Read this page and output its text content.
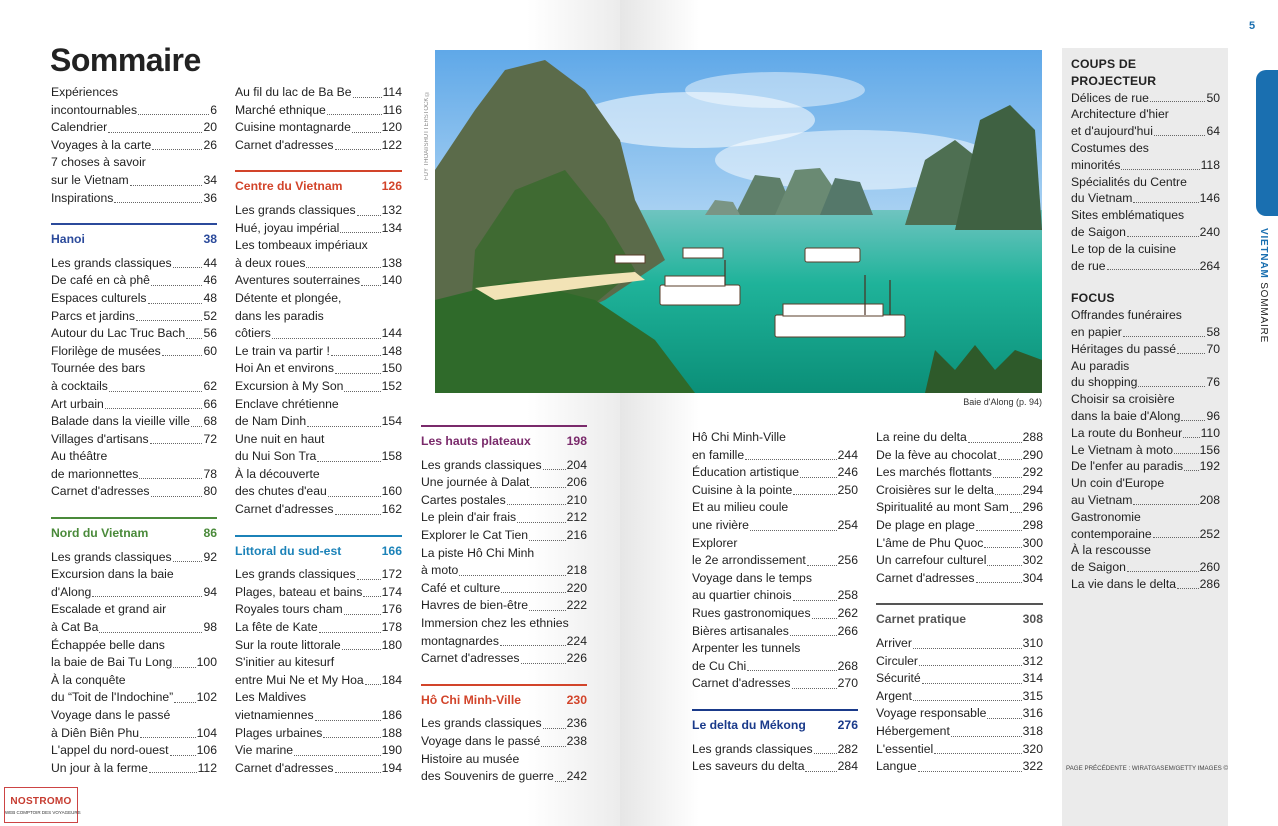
Sommaire
Expériences
incontournables	6
Calendrier	20
Voyages à la carte	26
7 choses à savoir
sur le Vietnam	34
Inspirations	36
Hanoi	38
Les grands classiques	44
De café en cà phê	46
Espaces culturels	48
Parcs et jardins	52
Autour du Lac Truc Bach 56
Florilège de musées	60
Tournée des bars
à cocktails	62
Art urbain	66
Balade dans la vieille ville 68
Villages d'artisans	72
Au théâtre
de marionnettes	78
Carnet d'adresses	80
Nord du Vietnam	86
Les grands classiques	92
Excursion dans la baie
d'Along	94
Escalade et grand air
à Cat Ba	98
Échappée belle dans
la baie de Bai Tu Long 100
À la conquête
du “Toit de l'Indochine” 102
Voyage dans le passé
à Diên Biên Phu	104
L'appel du nord-ouest 106
Un jour à la ferme	112
Au fil du lac de Ba Be	114
Marché ethnique	116
Cuisine montagnarde	120
Carnet d'adresses	122
Centre du Vietnam	126
Les grands classiques 132
Hué, joyau impérial	134
Les tombeaux impériaux
à deux roues	138
Aventures souterraines 140
Détente et plongée,
dans les paradis
côtiers	144
Le train va partir !	148
Hoi An et environs	150
Excursion à My Son	152
Enclave chrétienne
de Nam Dinh	154
Une nuit en haut
du Nui Son Tra	158
À la découverte
des chutes d'eau	160
Carnet d'adresses	162
Littoral du sud-est	166
Les grands classiques 172
Plages, bateau et bains 174
Royales tours cham	176
La fête de Kate	178
Sur la route littorale	180
S'initier au kitesurf
entre Mui Ne et My Hoa 184
Les Maldives
vietnamiennes	186
Plages urbaines	188
Vie marine	190
Carnet d'adresses	194
Les hauts plateaux	198
Les grands classiques 204
Une journée à Dalat	206
Cartes postales	210
Le plein d'air frais	212
Explorer le Cat Tien	216
La piste Hô Chi Minh
à moto	218
Café et culture	220
Havres de bien-être	222
Immersion chez les ethnies
montagnardes	224
Carnet d'adresses	226
Hô Chi Minh-Ville	230
Les grands classiques 236
Voyage dans le passé 238
Histoire au musée
des Souvenirs de guerre 242
Hô Chi Minh-Ville
en famille	244
Éducation artistique	246
Cuisine à la pointe	250
Et au milieu coule
une rivière	254
Explorer
le 2e arrondissement	256
Voyage dans le temps
au quartier chinois	258
Rues gastronomiques 262
Bières artisanales	266
Arpenter les tunnels
de Cu Chi	268
Carnet d'adresses	270
Le delta du Mékong	276
Les grands classiques 282
Les saveurs du delta	284
La reine du delta	288
De la fève au chocolat 290
Les marchés flottants	292
Croisières sur le delta 294
Spiritualité au mont Sam 296
De plage en plage	298
L'âme de Phu Quoc	300
Un carrefour culturel	302
Carnet d'adresses	304
Carnet pratique	308
Arriver	310
Circuler	312
Sécurité	314
Argent	315
Voyage responsable	316
Hébergement	318
L'essentiel	320
Langue	322
FUY THOAI/SHUTTERSTOCK ©
Baie d'Along (p. 94)
COUPS DE PROJECTEUR
Délices de rue	50
Architecture d'hier
et d'aujourd'hui	64
Costumes des
minorités	118
Spécialités du Centre
du Vietnam	146
Sites emblématiques
de Saigon	240
Le top de la cuisine
de rue	264
FOCUS
Offrandes funéraires
en papier	58
Héritages du passé 70
Au paradis
du shopping	76
Choisir sa croisière
dans la baie d'Along 96
La route du Bonheur 110
Le Vietnam à moto 156
De l'enfer au paradis 192
Un coin d'Europe
au Vietnam	208
Gastronomie
contemporaine	252
À la rescousse
de Saigon	260
La vie dans le delta 286
5
VIETNAM SOMMAIRE
PAGE PRÉCÉDENTE : WIRATGASEM/GETTY IMAGES ©
NOSTROMO
WEB COMPTOIR DES VOYAGEURS
